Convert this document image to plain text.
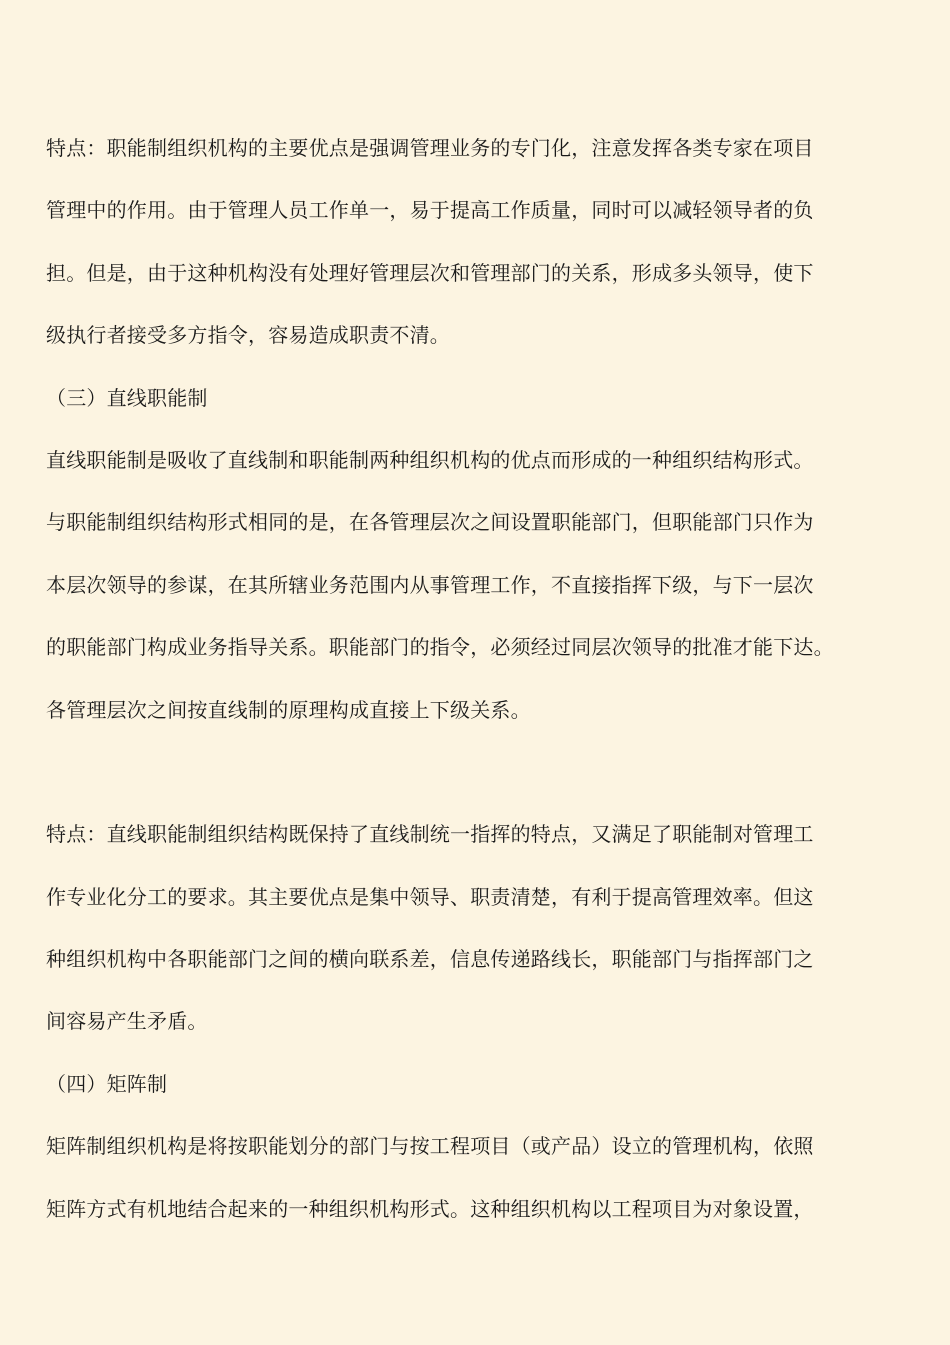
特点：职能制组织机构的主要优点是强调管理业务的专门化，注意发挥各类专家在项目
管理中的作用。由于管理人员工作单一，易于提高工作质量，同时可以减轻领导者的负
担。但是，由于这种机构没有处理好管理层次和管理部门的关系，形成多头领导，使下
级执行者接受多方指令，容易造成职责不清。
（三）直线职能制
直线职能制是吸收了直线制和职能制两种组织机构的优点而形成的一种组织结构形式。
与职能制组织结构形式相同的是，在各管理层次之间设置职能部门，但职能部门只作为
本层次领导的参谋，在其所辖业务范围内从事管理工作，不直接指挥下级，与下一层次
的职能部门构成业务指导关系。职能部门的指令，必须经过同层次领导的批准才能下达。
各管理层次之间按直线制的原理构成直接上下级关系。
特点：直线职能制组织结构既保持了直线制统一指挥的特点，又满足了职能制对管理工
作专业化分工的要求。其主要优点是集中领导、职责清楚，有利于提高管理效率。但这
种组织机构中各职能部门之间的横向联系差，信息传递路线长，职能部门与指挥部门之
间容易产生矛盾。
（四）矩阵制
矩阵制组织机构是将按职能划分的部门与按工程项目（或产品）设立的管理机构，依照
矩阵方式有机地结合起来的一种组织机构形式。这种组织机构以工程项目为对象设置，
